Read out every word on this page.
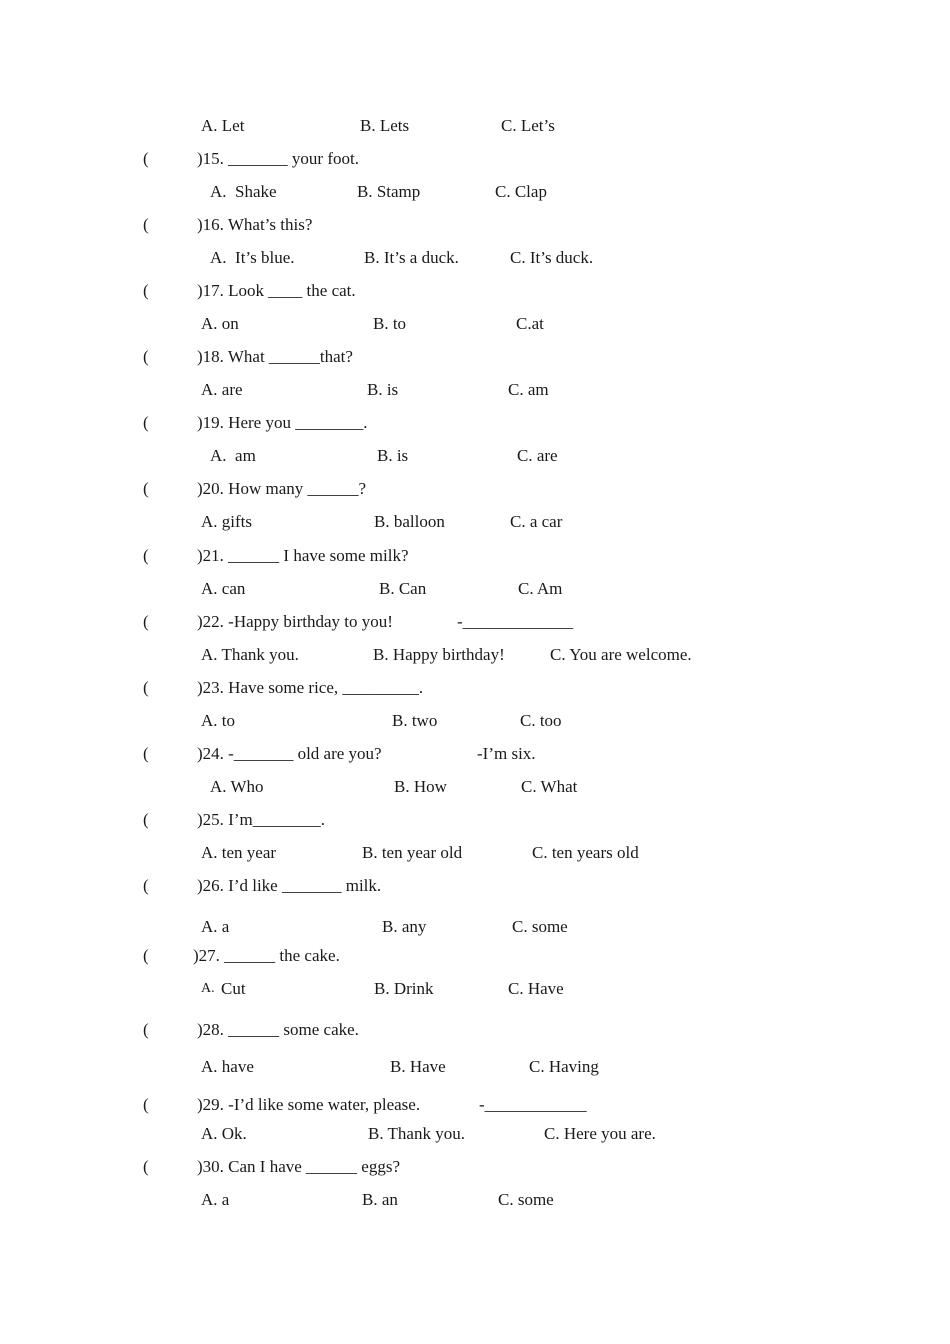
A. Let	B. Lets	C. Let’s
(	)15. _______ your foot.
A.  Shake	B. Stamp	C. Clap
(	)16. What’s this?
A.  It’s blue.	B. It’s a duck.	C. It’s duck.
(	)17. Look ____ the cat.
A. on	B. to	C.at
(	)18. What ______that?
A. are	B. is	C. am
(	)19. Here you ________.
A.  am	B. is	C. are
(	)20. How many ______?
A. gifts	B. balloon	C. a car
(	)21. ______ I have some milk?
A. can	B. Can	C. Am
(	)22. -Happy birthday to you!	-_____________
A. Thank you.	B. Happy birthday!	C. You are welcome.
(	)23. Have some rice, _________.
A. to	B. two	C. too
(	)24. -_______ old are you?	-I’m six.
A. Who	B. How	C. What
(	)25. I’m________.
A. ten year	B. ten year old	C. ten years old
(	)26. I’d like _______ milk.
A. a	B. any	C. some
(	)27. ______ the cake.
A. Cut	B. Drink	C. Have
(	)28. ______ some cake.
A. have	B. Have	C. Having
(	)29. -I’d like some water, please.	-____________
A. Ok.	B. Thank you.	C. Here you are.
(	)30. Can I have ______ eggs?
A. a	B. an	C. some
